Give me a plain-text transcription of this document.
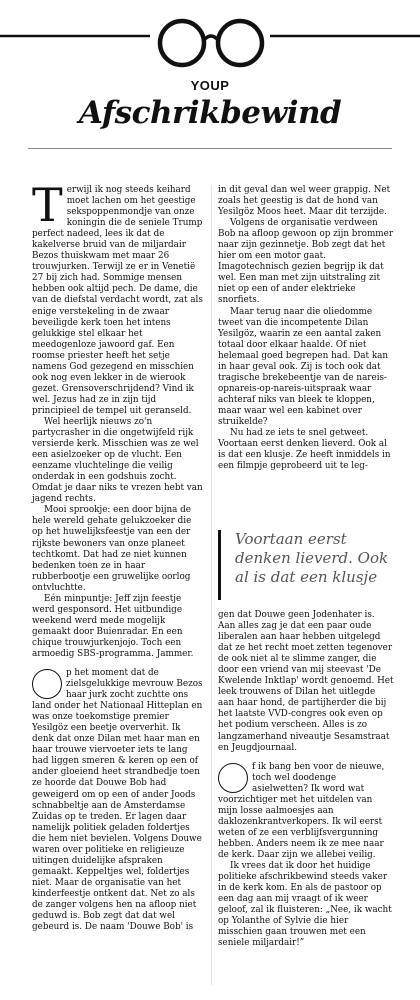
YOUP
Afschrikbewind

Terwijl ik nog steeds keihard moet lachen om het geestige sekspoppenmondje van onze koningin die de seniele Trump perfect nadeed, lees ik dat de kakelverse bruid van de miljardair Bezos thuiskwam met maar 26 trouwjurken. Terwijl ze er in Venetië 27 bij zich had. Sommige mensen hebben ook altijd pech. De dame, die van de diefstal verdacht wordt, zat als enige verstekeling in de zwaar beveiligde kerk toen het intens gelukkige stel elkaar het meedogenloze jawoord gaf. Een roomse priester heeft het setje namens God gezegend en misschien ook nog even lekker in de wierook gezet. Grensoverschrijdend? Vind ik wel. Jezus had ze in zijn tijd principieel de tempel uit geranseld.

Wel heerlijk nieuws zo'n partycrasher in die ongetwijfeld rijk versierde kerk. Misschien was ze wel een asielzoeker op de vlucht. Een eenzame vluchtelinge die veilig onderdak in een godshuis zocht. Omdat je daar niks te vrezen hebt van jagend rechts.

Mooi sprookje: een door bijna de hele wereld gehate gelukzoeker die op het huwelijksfeestje van een der rijkste bewoners van onze planeet techtkomt. Dat had ze niet kunnen bedenken toen ze in haar rubberbootje een gruwelijke oorlog ontvluchtte.

Eén minpuntje: Jeff zijn feestje werd gesponsord. Het uitbundige weekend werd mede mogelijk gemaakt door Buienradar. En een chique trouwjurkenjojo. Toch een armoedig SBS-programma. Jammer.

p het moment dat de zielsgelukkige mevrouw Bezos haar jurk zocht zuchtte ons land onder het Nationaal Hitteplan en was onze toekomstige premier Yesilgöz een beetje oververhit. Ik denk dat onze Dilan met haar man en haar trouwe viervoeter iets te lang had liggen smeren & keren op een of ander gloeiend heet strandbedje toen ze hoorde dat Douwe Bob had geweigerd om op een of ander Joods schnabbeltje aan de Amsterdamse Zuidas op te treden. Er lagen daar namelijk politiek geladen foldertjes die hem niet bevielen. Volgens Douwe waren over politieke en religieuze uitingen duidelijke afspraken gemaakt. Keppeltjes wel, foldertjes niet. Maar de organisatie van het kinderfeestje ontkent dat. Net zo als de zanger volgens hen na afloop niet geduwd is. Bob zegt dat dat wel gebeurd is. De naam 'Douwe Bob' is

in dit geval dan wel weer grappig. Net zoals het geestig is dat de hond van Yesilgöz Moos heet. Maar dit terzijde.

Volgens de organisatie verdween Bob na afloop gewoon op zijn brommer naar zijn gezinnetje. Bob zegt dat het hier om een motor gaat. Imagotechnisch gezien begrijp ik dat wel. Een man met zijn uitstraling zit niet op een of ander elektrieke snorfiets.

Maar terug naar die oliedomme tweet van die incompetente Dilan Yesilgöz, waarin ze een aantal zaken totaal door elkaar haalde. Of niet helemaal goed begrepen had. Dat kan in haar geval ook. Zij is toch ook dat tragische brekebeentje van de nareis-opnareis-op-nareis-uitspraak waar achteraf niks van bleek te kloppen, maar waar wel een kabinet over struikelde?

Nu had ze iets te snel getweet. Voortaan eerst denken lieverd. Ook al is dat een klusje. Ze heeft inmiddels in een filmpje geprobeerd uit te leg-

Voortaan eerst denken lieverd. Ook al is dat een klusje

gen dat Douwe geen Jodenhater is. Aan alles zag je dat een paar oude liberalen aan haar hebben uitgelegd dat ze het recht moet zetten tegenover de ook niet al te slimme zanger, die door een vriend van mij steevast 'De Kwelende Inktlap' wordt genoemd. Het leek trouwens of Dilan het uitlegde aan haar hond, de partijherder die bij het laatste VVD-congres ook even op het podium verscheen. Alles is zo langzamerhand niveautje Sesamstraat en Jeugdjournaal.

f ik bang ben voor de nieuwe, toch wel doodenge asielwetten? Ik word wat voorzichtiger met het uitdelen van mijn losse aalmoesjes aan daklozenkrantverkopers. Ik wil eerst weten of ze een verblijfsvergunning hebben. Anders neem ik ze mee naar de kerk. Daar zijn we allebei veilig.

Ik vrees dat ik door het huidige politieke afschrikbewind steeds vaker in de kerk kom. En als de pastoor op een dag aan mij vraagt of ik weer geloof, zal ik fluisteren: „Nee, ik wacht op Yolanthe of Sylvie die hier misschien gaan trouwen met een seniele miljardair!”
